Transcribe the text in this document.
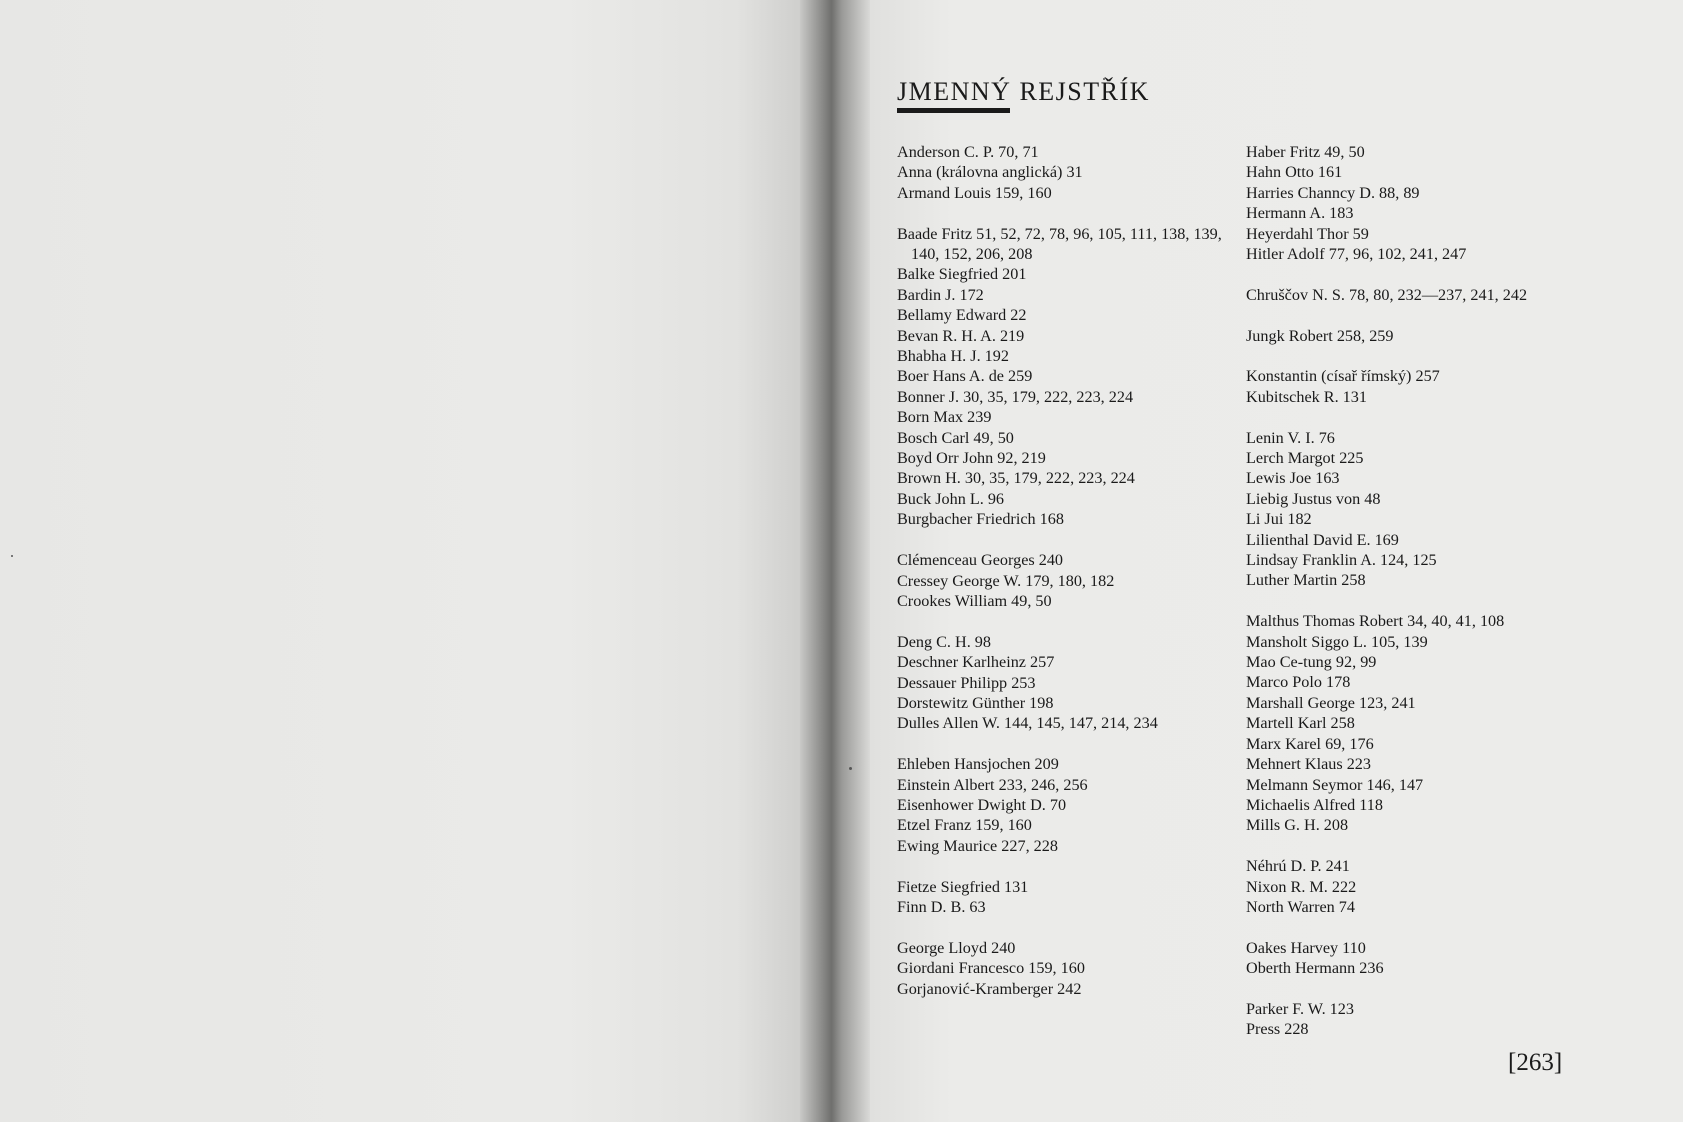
JMENNÝ REJSTŘÍK
Anderson C. P. 70, 71
Anna (královna anglická) 31
Armand Louis 159, 160
Baade Fritz 51, 52, 72, 78, 96, 105, 111, 138, 139, 140, 152, 206, 208
Balke Siegfried 201
Bardin J. 172
Bellamy Edward 22
Bevan R. H. A. 219
Bhabha H. J. 192
Boer Hans A. de 259
Bonner J. 30, 35, 179, 222, 223, 224
Born Max 239
Bosch Carl 49, 50
Boyd Orr John 92, 219
Brown H. 30, 35, 179, 222, 223, 224
Buck John L. 96
Burgbacher Friedrich 168
Clémenceau Georges 240
Cressey George W. 179, 180, 182
Crookes William 49, 50
Deng C. H. 98
Deschner Karlheinz 257
Dessauer Philipp 253
Dorstewitz Günther 198
Dulles Allen W. 144, 145, 147, 214, 234
Ehleben Hansjochen 209
Einstein Albert 233, 246, 256
Eisenhower Dwight D. 70
Etzel Franz 159, 160
Ewing Maurice 227, 228
Fietze Siegfried 131
Finn D. B. 63
George Lloyd 240
Giordani Francesco 159, 160
Gorjanović-Kramberger 242
Haber Fritz 49, 50
Hahn Otto 161
Harries Channcy D. 88, 89
Hermann A. 183
Heyerdahl Thor 59
Hitler Adolf 77, 96, 102, 241, 247
Chruščov N. S. 78, 80, 232—237, 241, 242
Jungk Robert 258, 259
Konstantin (císař římský) 257
Kubitschek R. 131
Lenin V. I. 76
Lerch Margot 225
Lewis Joe 163
Liebig Justus von 48
Li Jui 182
Lilienthal David E. 169
Lindsay Franklin A. 124, 125
Luther Martin 258
Malthus Thomas Robert 34, 40, 41, 108
Mansholt Siggo L. 105, 139
Mao Ce-tung 92, 99
Marco Polo 178
Marshall George 123, 241
Martell Karl 258
Marx Karel 69, 176
Mehnert Klaus 223
Melmann Seymor 146, 147
Michaelis Alfred 118
Mills G. H. 208
Néhrú D. P. 241
Nixon R. M. 222
North Warren 74
Oakes Harvey 110
Oberth Hermann 236
Parker F. W. 123
Press 228
[263]
